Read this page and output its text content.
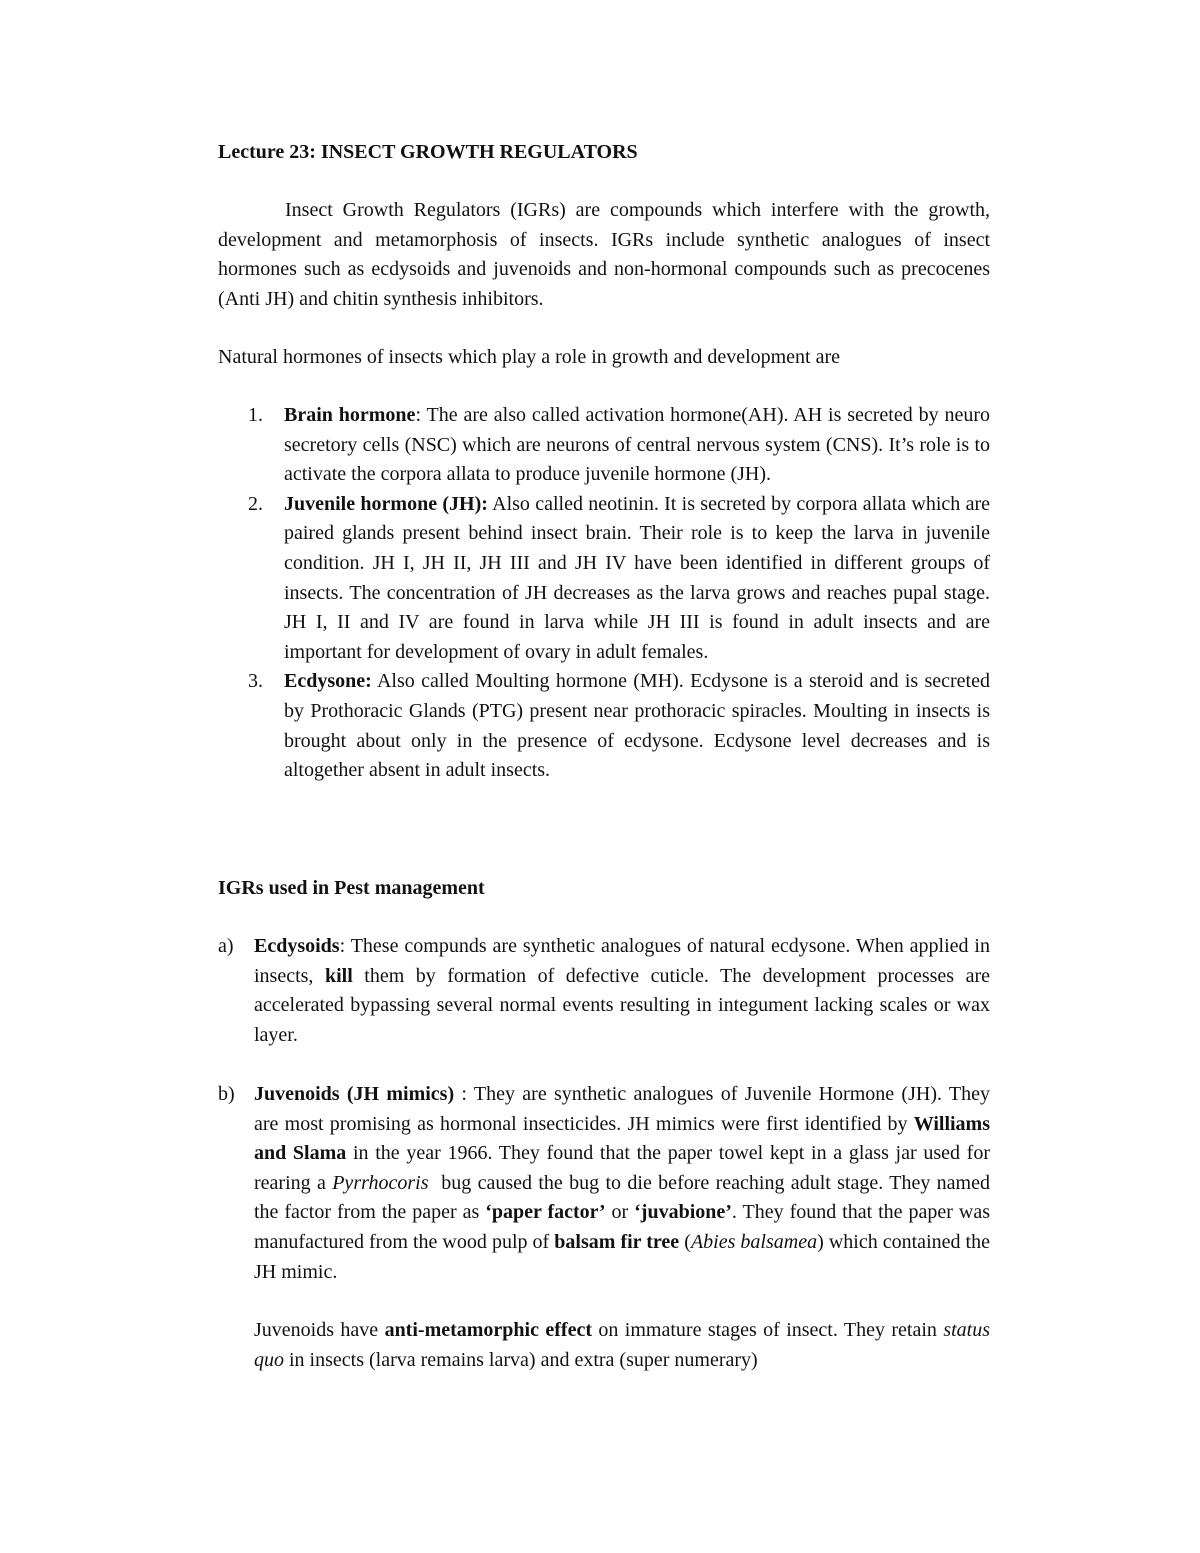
Lecture 23: INSECT GROWTH REGULATORS

Insect Growth Regulators (IGRs) are compounds which interfere with the growth, development and metamorphosis of insects. IGRs include synthetic analogues of insect hormones such as ecdysoids and juvenoids and non-hormonal compounds such as precocenes (Anti JH) and chitin synthesis inhibitors.

Natural hormones of insects which play a role in growth and development are

1. Brain hormone: The are also called activation hormone(AH). AH is secreted by neuro secretory cells (NSC) which are neurons of central nervous system (CNS). It’s role is to activate the corpora allata to produce juvenile hormone (JH).
2. Juvenile hormone (JH): Also called neotinin. It is secreted by corpora allata which are paired glands present behind insect brain. Their role is to keep the larva in juvenile condition. JH I, JH II, JH III and JH IV have been identified in different groups of insects. The concentration of JH decreases as the larva grows and reaches pupal stage. JH I, II and IV are found in larva while JH III is found in adult insects and are important for development of ovary in adult females.
3. Ecdysone: Also called Moulting hormone (MH). Ecdysone is a steroid and is secreted by Prothoracic Glands (PTG) present near prothoracic spiracles. Moulting in insects is brought about only in the presence of ecdysone. Ecdysone level decreases and is altogether absent in adult insects.
IGRs used in Pest management
a) Ecdysoids: These compunds are synthetic analogues of natural ecdysone. When applied in insects, kill them by formation of defective cuticle. The development processes are accelerated bypassing several normal events resulting in integument lacking scales or wax layer.
b) Juvenoids (JH mimics) : They are synthetic analogues of Juvenile Hormone (JH). They are most promising as hormonal insecticides. JH mimics were first identified by Williams and Slama in the year 1966. They found that the paper towel kept in a glass jar used for rearing a Pyrrhocoris  bug caused the bug to die before reaching adult stage. They named the factor from the paper as ‘paper factor’ or ‘juvabione’. They found that the paper was manufactured from the wood pulp of balsam fir tree (Abies balsamea) which contained the JH mimic.

Juvenoids have anti-metamorphic effect on immature stages of insect. They retain status quo in insects (larva remains larva) and extra (super numerary)
